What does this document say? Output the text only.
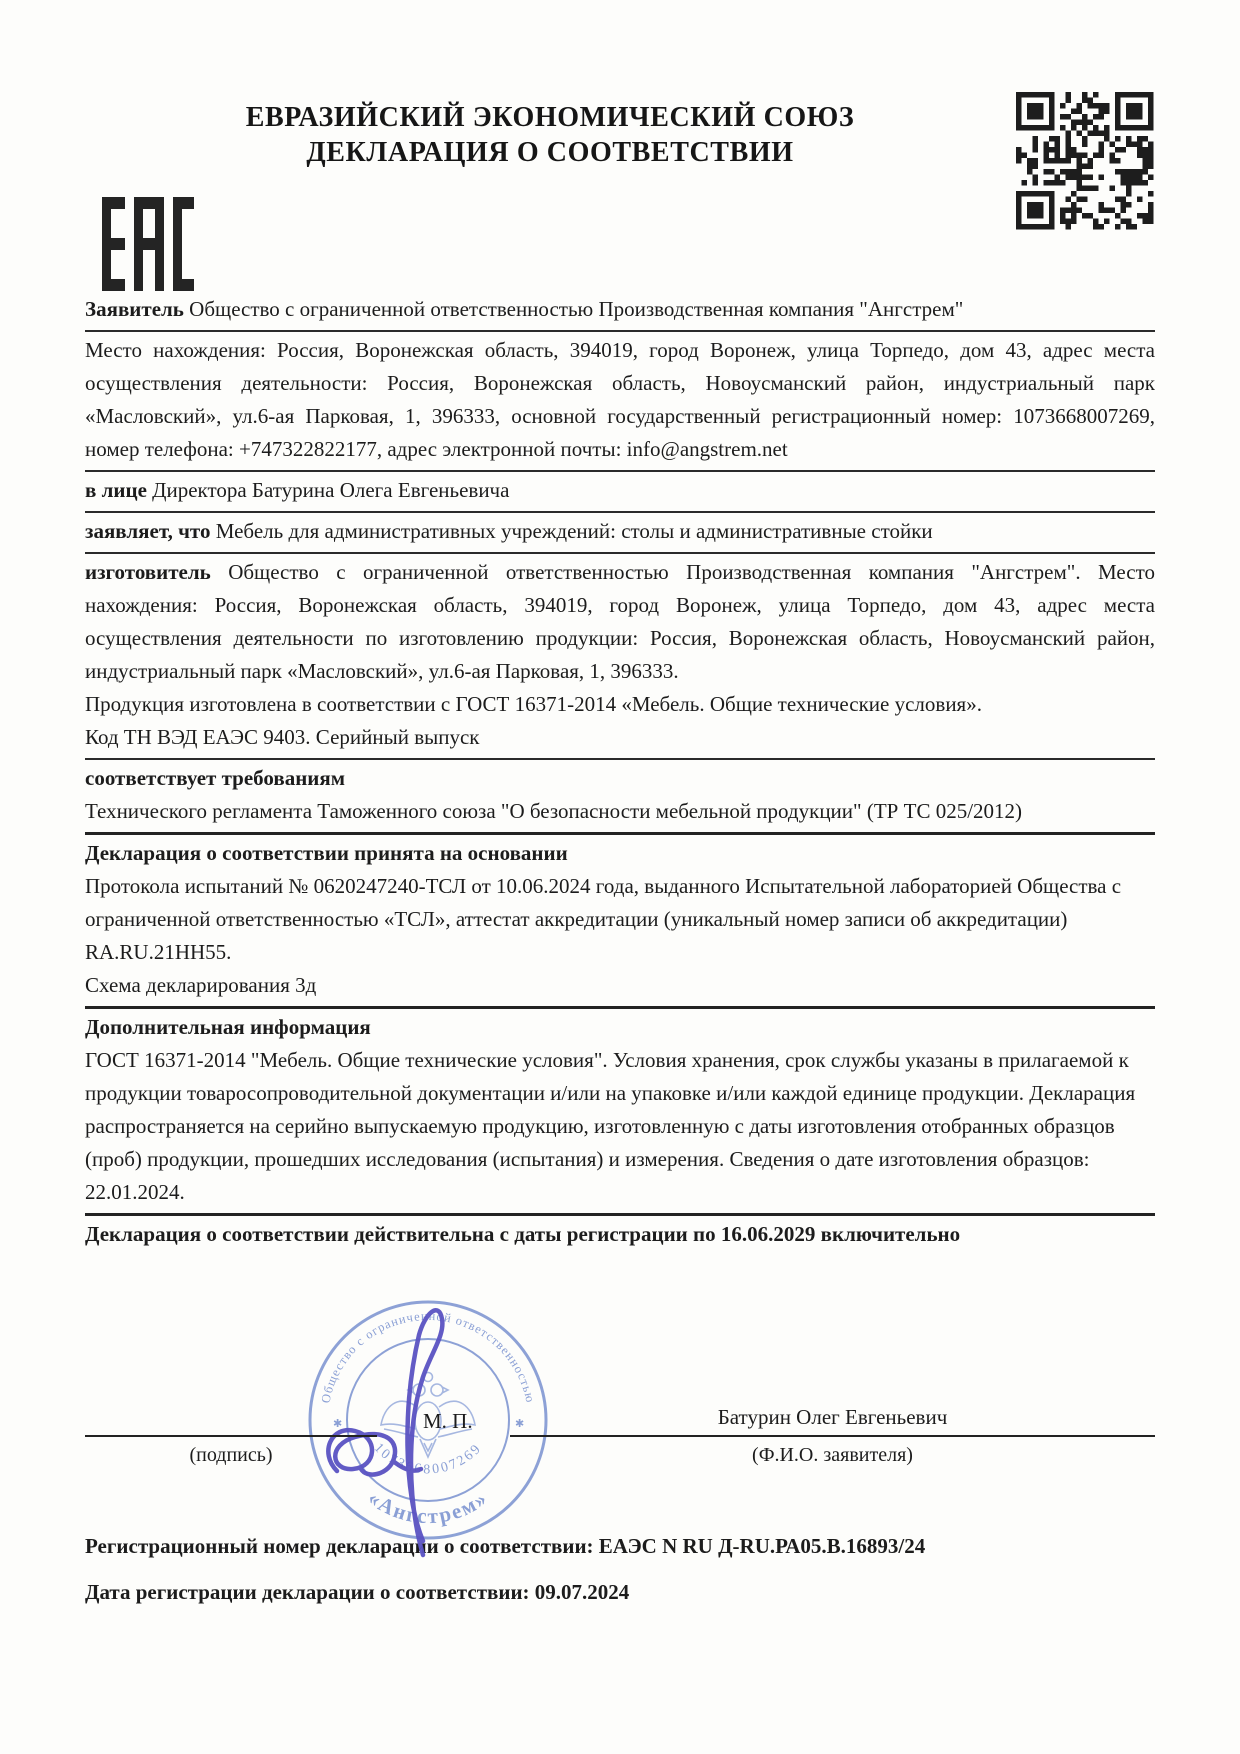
ЕВРАЗИЙСКИЙ ЭКОНОМИЧЕСКИЙ СОЮЗ
ДЕКЛАРАЦИЯ О СООТВЕТСТВИИ
Заявитель Общество с ограниченной ответственностью Производственная компания "Ангстрем"
Место нахождения: Россия, Воронежская область, 394019, город Воронеж, улица Торпедо, дом 43, адрес места осуществления деятельности: Россия, Воронежская область, Новоусманский район, индустриальный парк «Масловский», ул.6-ая Парковая, 1, 396333, основной государственный регистрационный номер: 1073668007269, номер телефона: +747322822177, адрес электронной почты: info@angstrem.net
в лице Директора Батурина Олега Евгеньевича
заявляет, что Мебель для административных учреждений: столы и административные стойки
изготовитель Общество с ограниченной ответственностью Производственная компания "Ангстрем". Место нахождения: Россия, Воронежская область, 394019, город Воронеж, улица Торпедо, дом 43, адрес места осуществления деятельности по изготовлению продукции: Россия, Воронежская область, Новоусманский район, индустриальный парк «Масловский», ул.6-ая Парковая, 1, 396333.
Продукция изготовлена в соответствии с ГОСТ 16371-2014 «Мебель. Общие технические условия».
Код ТН ВЭД ЕАЭС 9403. Серийный выпуск
соответствует требованиям
Технического регламента Таможенного союза "О безопасности мебельной продукции" (ТР ТС 025/2012)
Декларация о соответствии принята на основании
Протокола испытаний № 0620247240-ТСЛ от 10.06.2024 года, выданного Испытательной лабораторией Общества с ограниченной ответственностью «ТСЛ», аттестат аккредитации (уникальный номер записи об аккредитации) RA.RU.21НН55.
Схема декларирования 3д
Дополнительная информация
ГОСТ 16371-2014 "Мебель. Общие технические условия". Условия хранения, срок службы указаны в прилагаемой к продукции товаросопроводительной документации и/или на упаковке и/или каждой единице продукции. Декларация распространяется на серийно выпускаемую продукцию, изготовленную с даты изготовления отобранных образцов (проб) продукции, прошедших исследования (испытания) и измерения. Сведения о дате изготовления образцов: 22.01.2024.
Декларация о соответствии действительна с даты регистрации по 16.06.2029 включительно
Общество с ограниченной ответственностью
«Ангстрем»
1073668007269
✱	✱
(подпись)
М. П.	Батурин Олег Евгеньевич
(Ф.И.О. заявителя)
Регистрационный номер декларации о соответствии: ЕАЭС N RU Д-RU.РА05.В.16893/24
Дата регистрации декларации о соответствии: 09.07.2024
